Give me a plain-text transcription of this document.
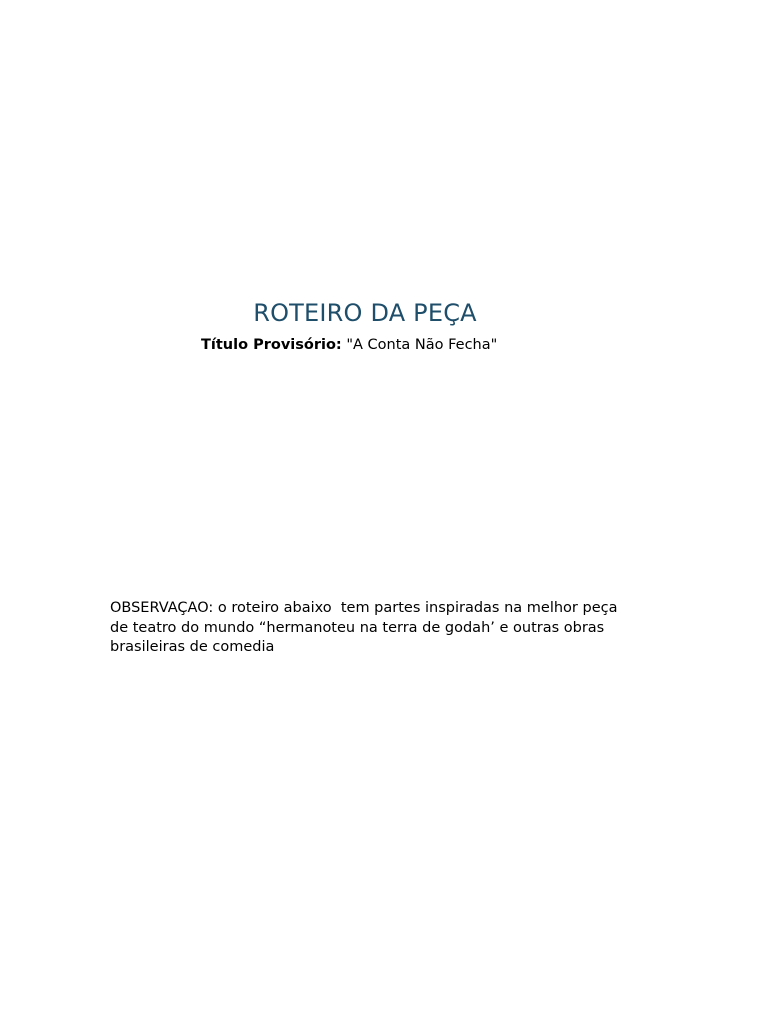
ROTEIRO DA PEÇA

Título Provisório: "A Conta Não Fecha"

OBSERVAÇAO: o roteiro abaixo  tem partes inspiradas na melhor peça
de teatro do mundo “hermanoteu na terra de godah’ e outras obras
brasileiras de comedia
